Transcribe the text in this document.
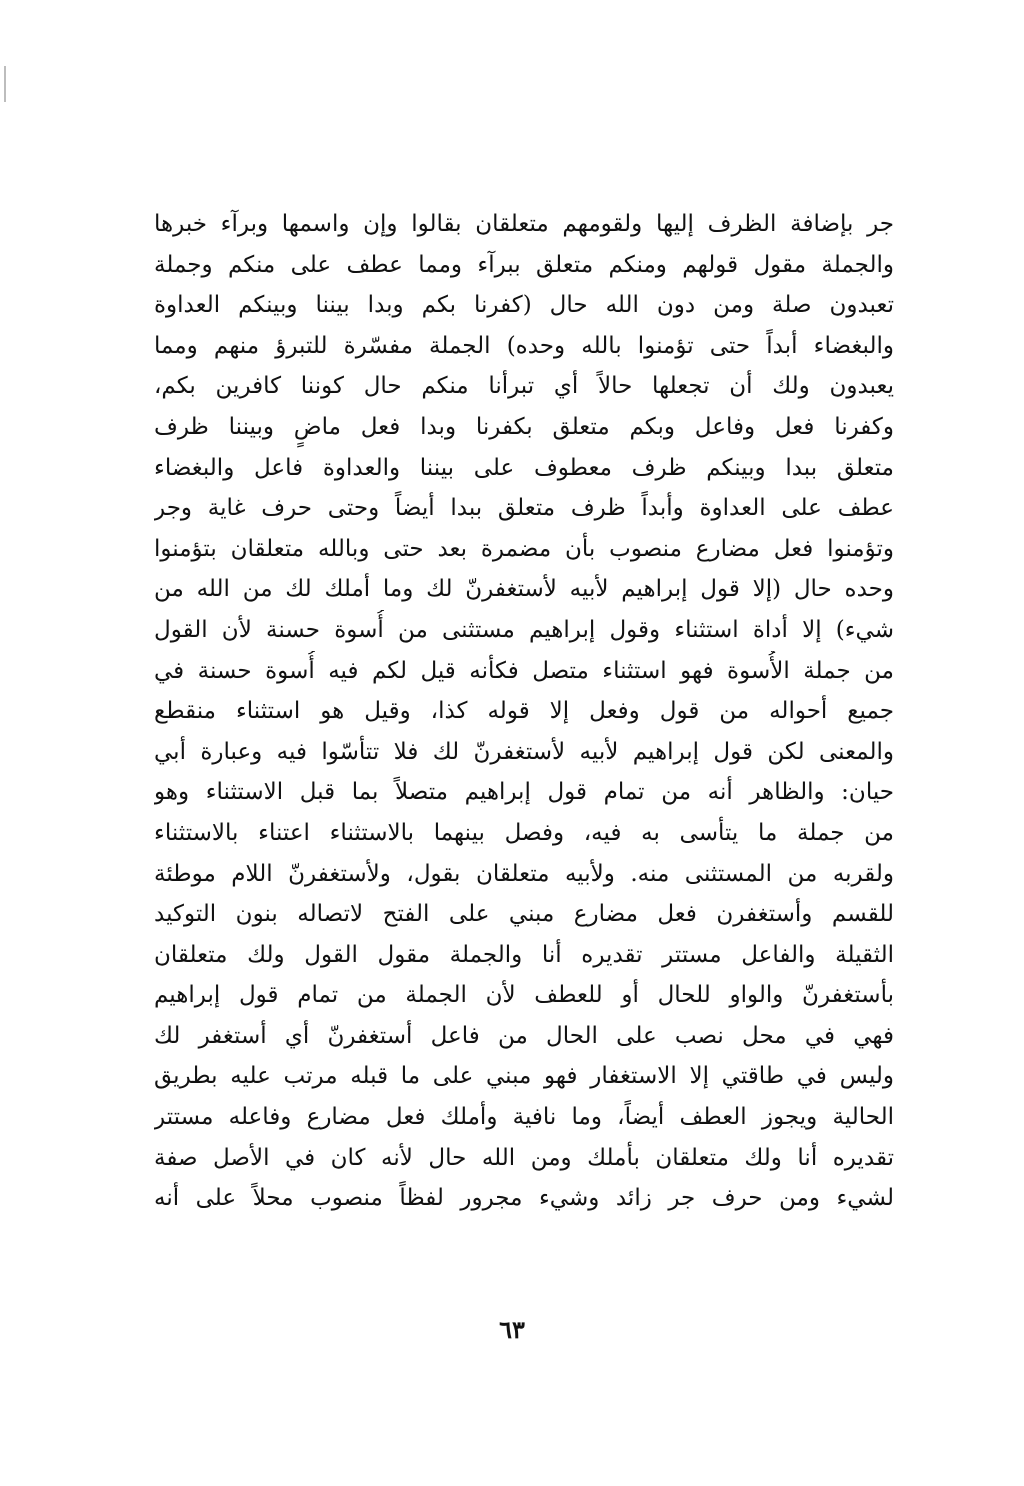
جر بإضافة الظرف إليها ولقومهم متعلقان بقالوا وإن واسمها وبرآء خبرها
والجملة مقول قولهم ومنكم متعلق ببرآء ومما عطف على منكم وجملة
تعبدون صلة ومن دون الله حال (كفرنا بكم وبدا بيننا وبينكم العداوة
والبغضاء أبداً حتى تؤمنوا بالله وحده) الجملة مفسّرة للتبرؤ منهم ومما
يعبدون ولك أن تجعلها حالاً أي تبرأنا منكم حال كوننا كافرين بكم،
وكفرنا فعل وفاعل وبكم متعلق بكفرنا وبدا فعل ماضٍ وبيننا ظرف
متعلق ببدا وبينكم ظرف معطوف على بيننا والعداوة فاعل والبغضاء
عطف على العداوة وأبداً ظرف متعلق ببدا أيضاً وحتى حرف غاية وجر
وتؤمنوا فعل مضارع منصوب بأن مضمرة بعد حتى وبالله متعلقان بتؤمنوا
وحده حال (إلا قول إبراهيم لأبيه لأستغفرنّ لك وما أملك لك من الله من
شيء) إلا أداة استثناء وقول إبراهيم مستثنى من أُسوة حسنة لأن القول
من جملة الأُسوة فهو استثناء متصل فكأنه قيل لكم فيه أُسوة حسنة في
جميع أحواله من قول وفعل إلا قوله كذا، وقيل هو استثناء منقطع
والمعنى لكن قول إبراهيم لأبيه لأستغفرنّ لك فلا تتأسّوا فيه وعبارة أبي
حيان: والظاهر أنه من تمام قول إبراهيم متصلاً بما قبل الاستثناء وهو
من جملة ما يتأسى به فيه، وفصل بينهما بالاستثناء اعتناء بالاستثناء
ولقربه من المستثنى منه. ولأبيه متعلقان بقول، ولأستغفرنّ اللام موطئة
للقسم وأستغفرن فعل مضارع مبني على الفتح لاتصاله بنون التوكيد
الثقيلة والفاعل مستتر تقديره أنا والجملة مقول القول ولك متعلقان
بأستغفرنّ والواو للحال أو للعطف لأن الجملة من تمام قول إبراهيم
فهي في محل نصب على الحال من فاعل أستغفرنّ أي أستغفر لك
وليس في طاقتي إلا الاستغفار فهو مبني على ما قبله مرتب عليه بطريق
الحالية ويجوز العطف أيضاً، وما نافية وأملك فعل مضارع وفاعله مستتر
تقديره أنا ولك متعلقان بأملك ومن الله حال لأنه كان في الأصل صفة
لشيء ومن حرف جر زائد وشيء مجرور لفظاً منصوب محلاً على أنه
٦٣
